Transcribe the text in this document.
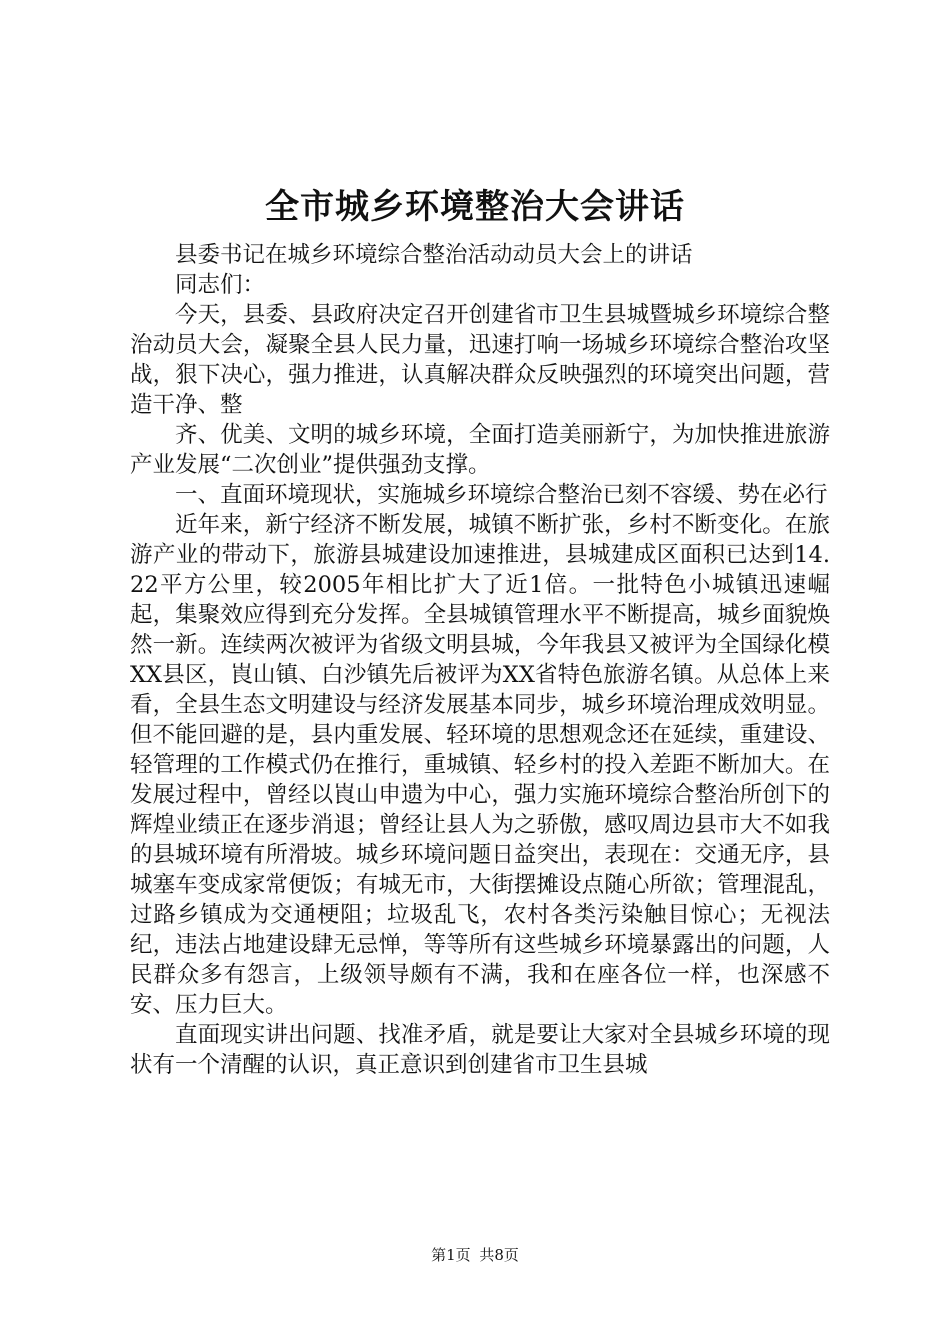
全市城乡环境整治大会讲话

县委书记在城乡环境综合整治活动动员大会上的讲话

同志们：

今天，县委、县政府决定召开创建省市卫生县城暨城乡环境综合整治动员大会，凝聚全县人民力量，迅速打响一场城乡环境综合整治攻坚战，狠下决心，强力推进，认真解决群众反映强烈的环境突出问题，营造干净、整

齐、优美、文明的城乡环境，全面打造美丽新宁，为加快推进旅游产业发展“二次创业”提供强劲支撑。

一、直面环境现状，实施城乡环境综合整治已刻不容缓、势在必行

近年来，新宁经济不断发展，城镇不断扩张，乡村不断变化。在旅游产业的带动下，旅游县城建设加速推进，县城建成区面积已达到14.22平方公里，较2005年相比扩大了近1倍。一批特色小城镇迅速崛起，集聚效应得到充分发挥。全县城镇管理水平不断提高，城乡面貌焕然一新。连续两次被评为省级文明县城，今年我县又被评为全国绿化模XX县区，崀山镇、白沙镇先后被评为XX省特色旅游名镇。从总体上来看，全县生态文明建设与经济发展基本同步，城乡环境治理成效明显。但不能回避的是，县内重发展、轻环境的思想观念还在延续，重建设、轻管理的工作模式仍在推行，重城镇、轻乡村的投入差距不断加大。在发展过程中，曾经以崀山申遗为中心，强力实施环境综合整治所创下的辉煌业绩正在逐步消退；曾经让县人为之骄傲，感叹周边县市大不如我的县城环境有所滑坡。城乡环境问题日益突出，表现在：交通无序，县城塞车变成家常便饭；有城无市，大街摆摊设点随心所欲；管理混乱，过路乡镇成为交通梗阻；垃圾乱飞，农村各类污染触目惊心；无视法纪，违法占地建设肆无忌惮，等等所有这些城乡环境暴露出的问题，人民群众多有怨言，上级领导颇有不满，我和在座各位一样，也深感不安、压力巨大。

直面现实讲出问题、找准矛盾，就是要让大家对全县城乡环境的现状有一个清醒的认识，真正意识到创建省市卫生县城

第1页 共8页
